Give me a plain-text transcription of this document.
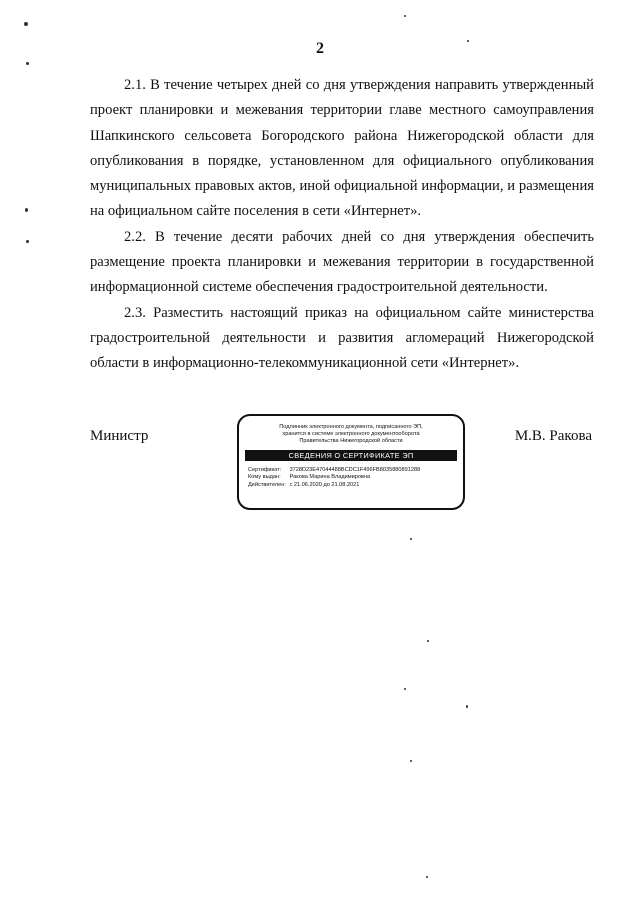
2

2.1. В течение четырех дней со дня утверждения направить утвержденный проект планировки и межевания территории главе местного самоуправления Шапкинского сельсовета Богородского района Нижегородской области для опубликования в порядке, установленном для официального опубликования муниципальных правовых актов, иной официальной информации, и размещения на официальном сайте поселения в сети «Интернет».

2.2. В течение десяти рабочих дней со дня утверждения обеспечить размещение проекта планировки и межевания территории в государственной информационной системе обеспечения градостроительной деятельности.

2.3. Разместить настоящий приказ на официальном сайте министерства градостроительной деятельности и развития агломераций Нижегородской области в информационно-телекоммуникационной сети «Интернет».

Министр	М.В. Ракова
Подлинник электронного документа, подписанного ЭП,
хранится в системе электронного документооборота
Правительства Нижегородской области
СВЕДЕНИЯ О СЕРТИФИКАТЕ ЭП
Сертификат: 3728D23E47044488BCDC1F496FB8035880891288
Кому выдан: Ракова Марина Владимировна
Действителен: с 21.06.2020 до 21.08.2021
